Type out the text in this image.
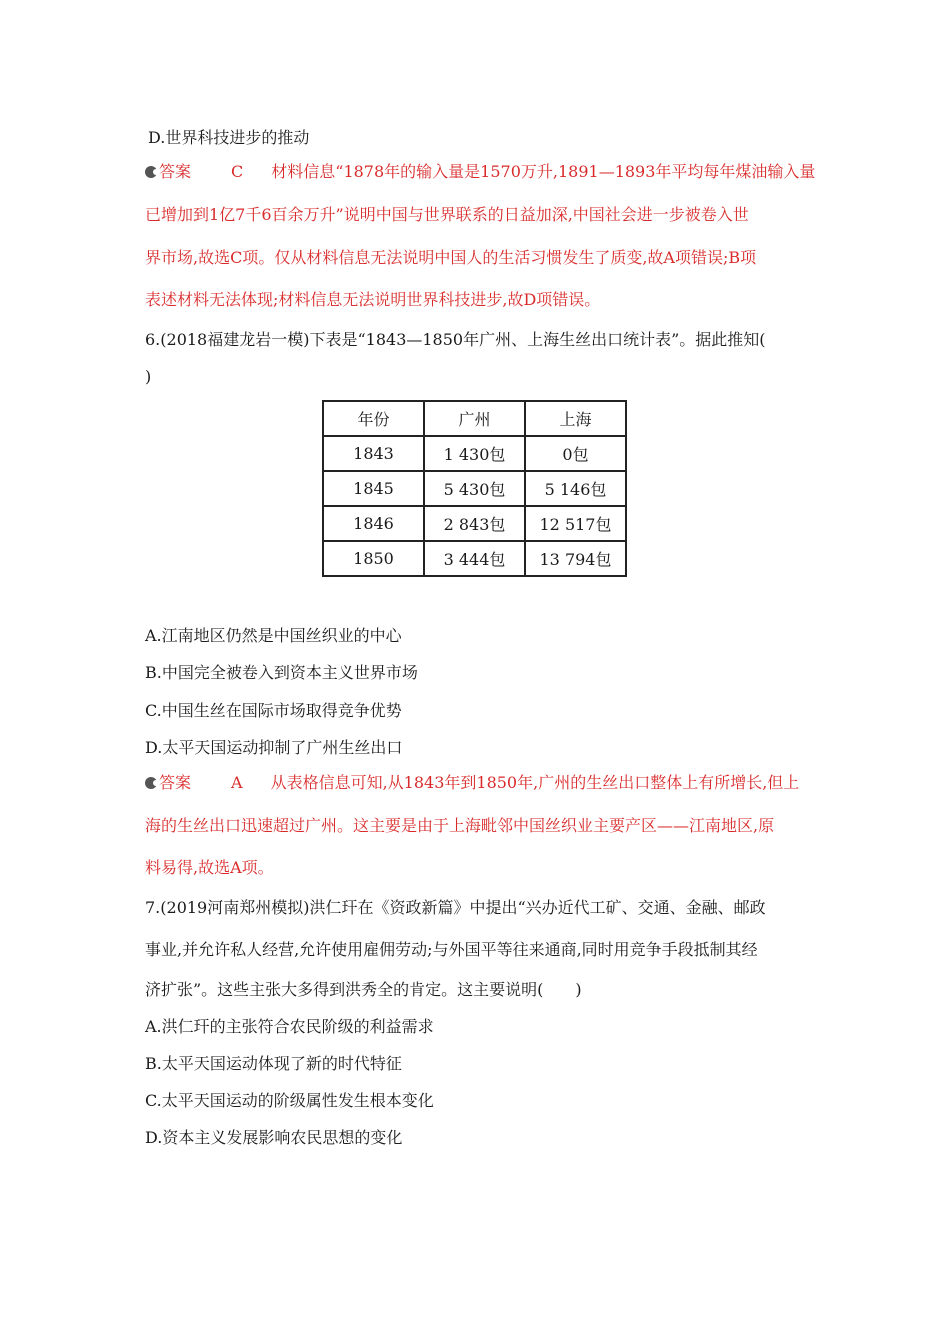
D.世界科技进步的推动
答案	C 材料信息“1878年的输入量是1570万升,1891—1893年平均每年煤油输入量
已增加到1亿7千6百余万升”说明中国与世界联系的日益加深,中国社会进一步被卷入世
界市场,故选C项。仅从材料信息无法说明中国人的生活习惯发生了质变,故A项错误;B项
表述材料无法体现;材料信息无法说明世界科技进步,故D项错误。
6.(2018福建龙岩一模)下表是“1843—1850年广州、上海生丝出口统计表”。据此推知(
)
年份	广州	上海
1843	1 430包	0包
1845	5 430包	5 146包
1846	2 843包	12 517包
1850	3 444包	13 794包
A.江南地区仍然是中国丝织业的中心
B.中国完全被卷入到资本主义世界市场
C.中国生丝在国际市场取得竞争优势
D.太平天国运动抑制了广州生丝出口
答案	A 从表格信息可知,从1843年到1850年,广州的生丝出口整体上有所增长,但上
海的生丝出口迅速超过广州。这主要是由于上海毗邻中国丝织业主要产区——江南地区,原
料易得,故选A项。
7.(2019河南郑州模拟)洪仁玕在《资政新篇》中提出“兴办近代工矿、交通、金融、邮政
事业,并允许私人经营,允许使用雇佣劳动;与外国平等往来通商,同时用竞争手段抵制其经
济扩张”。这些主张大多得到洪秀全的肯定。这主要说明(　　)
A.洪仁玕的主张符合农民阶级的利益需求
B.太平天国运动体现了新的时代特征
C.太平天国运动的阶级属性发生根本变化
D.资本主义发展影响农民思想的变化
